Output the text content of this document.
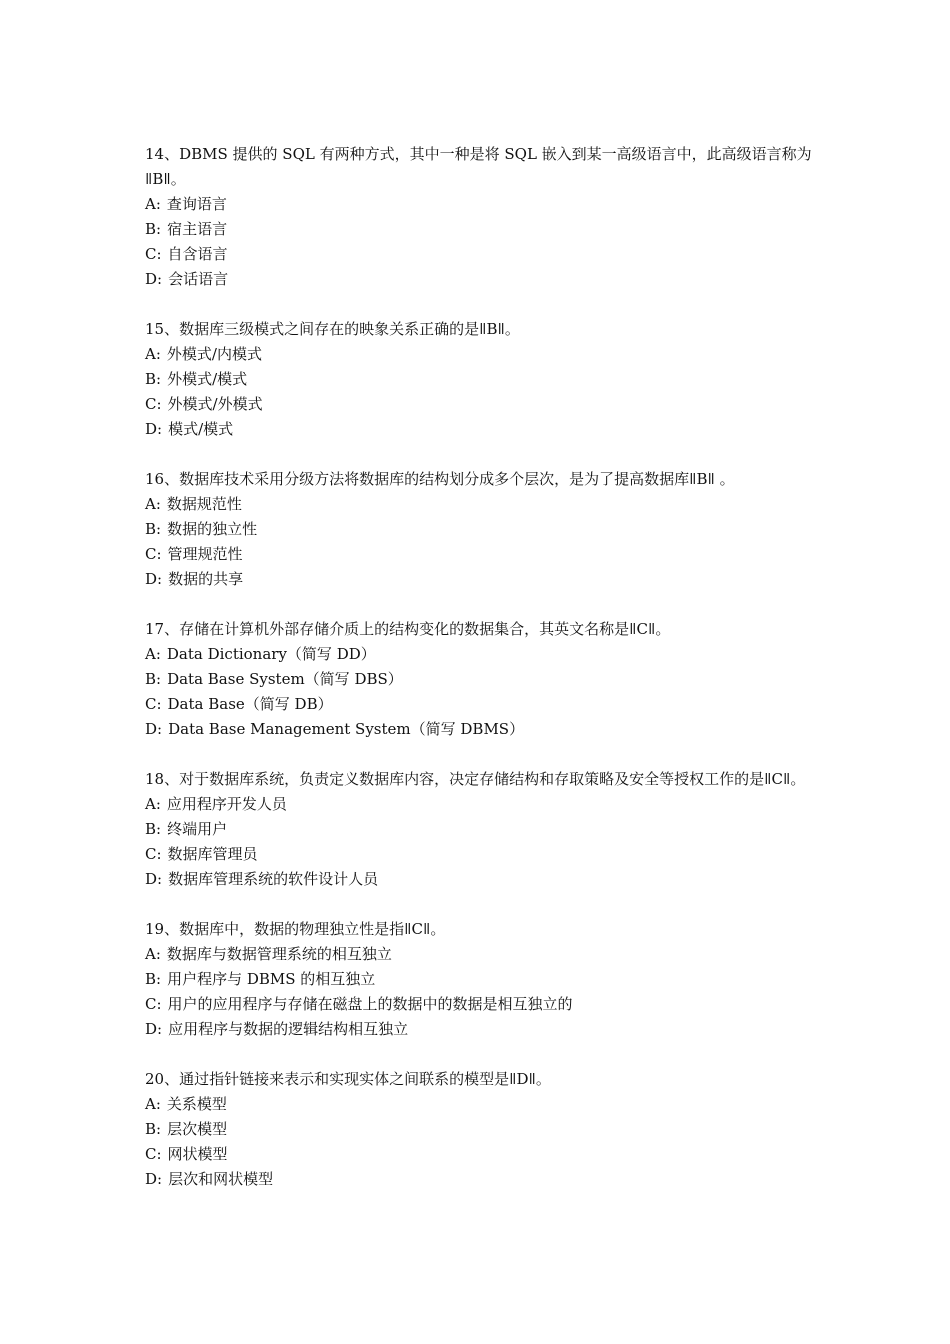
14、DBMS 提供的 SQL 有两种方式，其中一种是将 SQL 嵌入到某一高级语言中，此高级语言称为ǁBǁ。

A: 查询语言

B: 宿主语言

C: 自含语言

D: 会话语言

15、数据库三级模式之间存在的映象关系正确的是ǁBǁ。

A: 外模式/内模式

B: 外模式/模式

C: 外模式/外模式

D: 模式/模式

16、数据库技术采用分级方法将数据库的结构划分成多个层次，是为了提高数据库ǁBǁ 。

A: 数据规范性

B: 数据的独立性

C: 管理规范性

D: 数据的共享

17、存储在计算机外部存储介质上的结构变化的数据集合，其英文名称是ǁCǁ。

A: Data Dictionary（简写 DD）

B: Data Base System（简写 DBS）

C: Data Base（简写 DB）

D: Data Base Management System（简写 DBMS）

18、对于数据库系统，负责定义数据库内容，决定存储结构和存取策略及安全等授权工作的是ǁCǁ。

A: 应用程序开发人员

B: 终端用户

C: 数据库管理员

D: 数据库管理系统的软件设计人员

19、数据库中，数据的物理独立性是指ǁCǁ。

A: 数据库与数据管理系统的相互独立

B: 用户程序与 DBMS 的相互独立

C: 用户的应用程序与存储在磁盘上的数据中的数据是相互独立的

D: 应用程序与数据的逻辑结构相互独立

20、通过指针链接来表示和实现实体之间联系的模型是ǁDǁ。

A: 关系模型

B: 层次模型

C: 网状模型

D: 层次和网状模型
